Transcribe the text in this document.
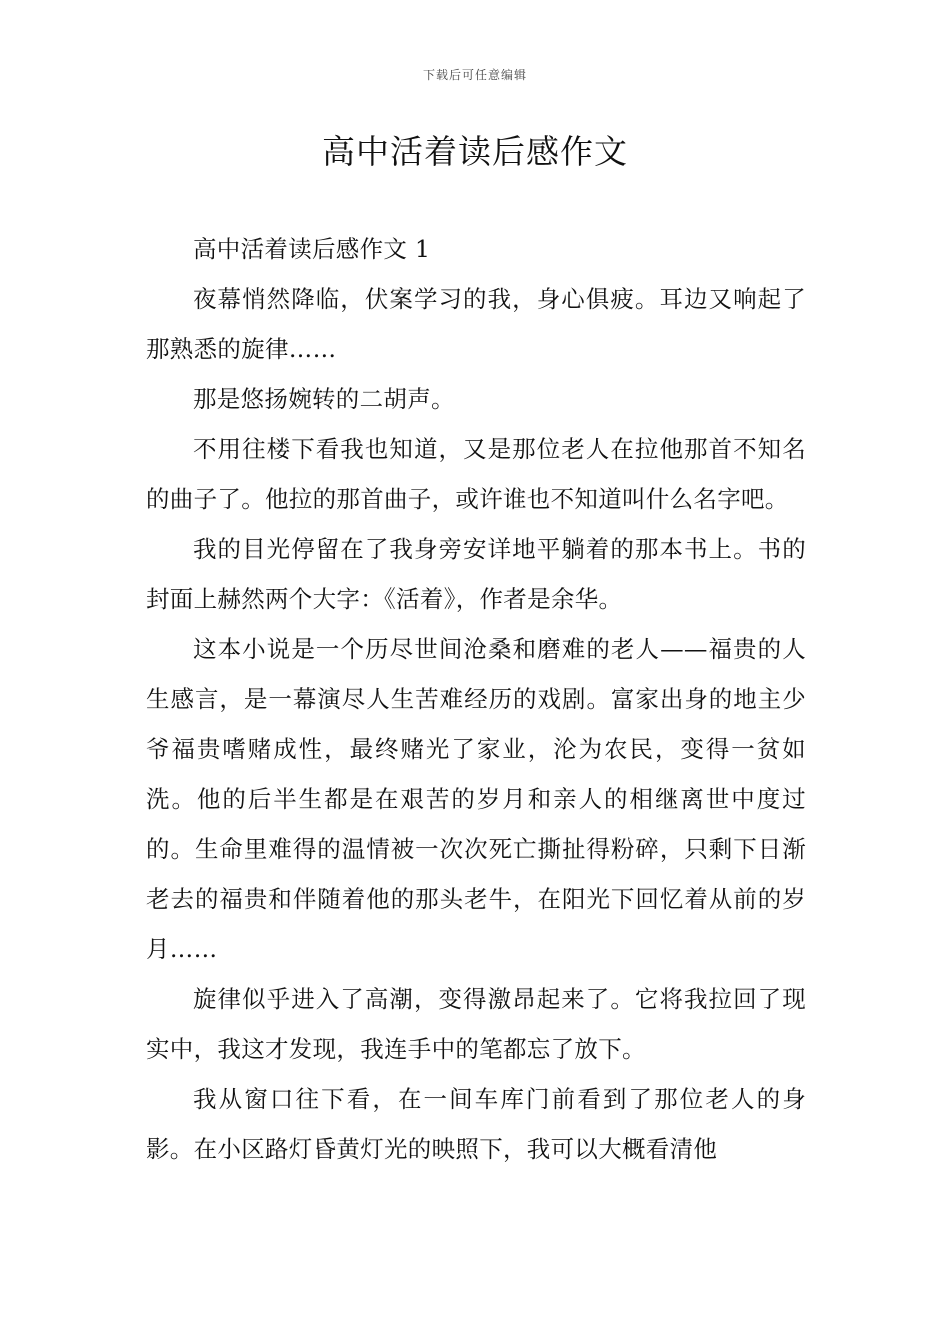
下载后可任意编辑
高中活着读后感作文

高中活着读后感作文 1

夜幕悄然降临，伏案学习的我，身心俱疲。耳边又响起了那熟悉的旋律……

那是悠扬婉转的二胡声。

不用往楼下看我也知道，又是那位老人在拉他那首不知名的曲子了。他拉的那首曲子，或许谁也不知道叫什么名字吧。

我的目光停留在了我身旁安详地平躺着的那本书上。书的封面上赫然两个大字：《活着》，作者是余华。

这本小说是一个历尽世间沧桑和磨难的老人——福贵的人生感言，是一幕演尽人生苦难经历的戏剧。富家出身的地主少爷福贵嗜赌成性，最终赌光了家业，沦为农民，变得一贫如洗。他的后半生都是在艰苦的岁月和亲人的相继离世中度过的。生命里难得的温情被一次次死亡撕扯得粉碎，只剩下日渐老去的福贵和伴随着他的那头老牛，在阳光下回忆着从前的岁月……

旋律似乎进入了高潮，变得激昂起来了。它将我拉回了现实中，我这才发现，我连手中的笔都忘了放下。

我从窗口往下看，在一间车库门前看到了那位老人的身影。在小区路灯昏黄灯光的映照下，我可以大概看清他
